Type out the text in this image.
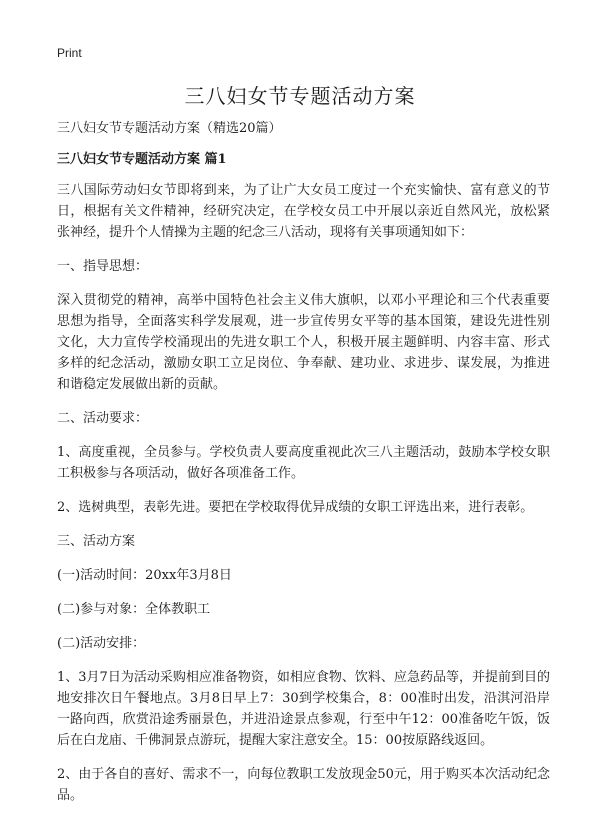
Print
三八妇女节专题活动方案

三八妇女节专题活动方案（精选20篇）

三八妇女节专题活动方案 篇1

三八国际劳动妇女节即将到来，为了让广大女员工度过一个充实愉快、富有意义的节日，根据有关文件精神，经研究决定，在学校女员工中开展以亲近自然风光，放松紧张神经，提升个人情操为主题的纪念三八活动，现将有关事项通知如下：

一、指导思想：

深入贯彻党的精神，高举中国特色社会主义伟大旗帜，以邓小平理论和三个代表重要思想为指导，全面落实科学发展观，进一步宣传男女平等的基本国策，建设先进性别文化，大力宣传学校涌现出的先进女职工个人，积极开展主题鲜明、内容丰富、形式多样的纪念活动，激励女职工立足岗位、争奉献、建功业、求进步、谋发展，为推进和谐稳定发展做出新的贡献。

二、活动要求：

1、高度重视，全员参与。学校负责人要高度重视此次三八主题活动，鼓励本学校女职工积极参与各项活动，做好各项准备工作。

2、选树典型，表彰先进。要把在学校取得优异成绩的女职工评选出来，进行表彰。

三、活动方案

(一)活动时间：20xx年3月8日

(二)参与对象：全体教职工

(二)活动安排：

1、3月7日为活动采购相应准备物资，如相应食物、饮料、应急药品等，并提前到目的地安排次日午餐地点。3月8日早上7：30到学校集合，8：00准时出发，沿淇河沿岸一路向西，欣赏沿途秀丽景色，并进沿途景点参观，行至中午12：00准备吃午饭，饭后在白龙庙、千佛洞景点游玩，提醒大家注意安全。15：00按原路线返回。

2、由于各自的喜好、需求不一，向每位教职工发放现金50元，用于购买本次活动纪念品。
